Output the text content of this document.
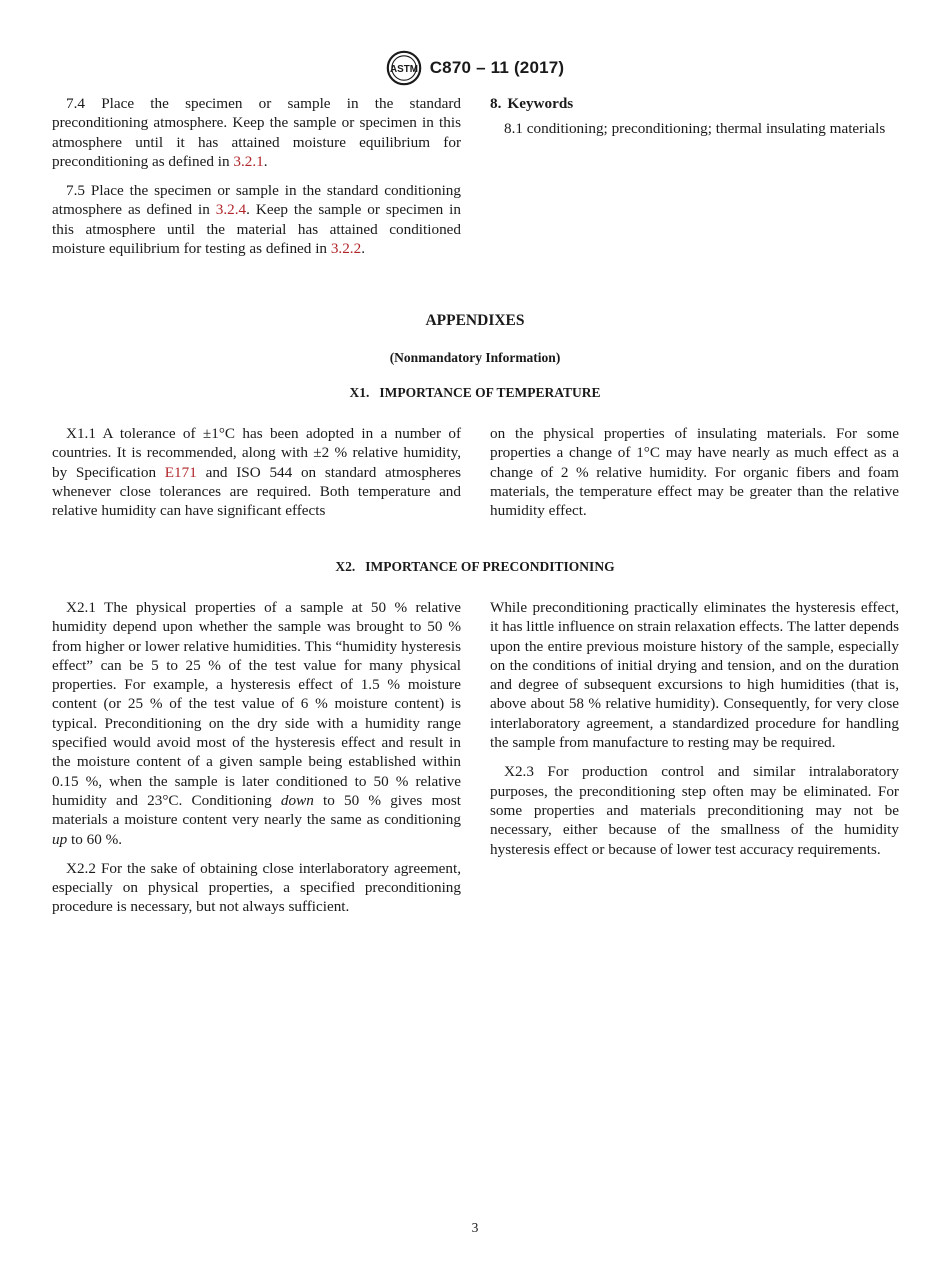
ASTM C870 – 11 (2017)

7.4 Place the specimen or sample in the standard preconditioning atmosphere. Keep the sample or specimen in this atmosphere until it has attained moisture equilibrium for preconditioning as defined in 3.2.1.

7.5 Place the specimen or sample in the standard conditioning atmosphere as defined in 3.2.4. Keep the sample or specimen in this atmosphere until the material has attained conditioned moisture equilibrium for testing as defined in 3.2.2.

8. Keywords

8.1 conditioning; preconditioning; thermal insulating materials

APPENDIXES
(Nonmandatory Information)
X1. IMPORTANCE OF TEMPERATURE

X1.1 A tolerance of ±1°C has been adopted in a number of countries. It is recommended, along with ±2 % relative humidity, by Specification E171 and ISO 544 on standard atmospheres whenever close tolerances are required. Both temperature and relative humidity can have significant effects

on the physical properties of insulating materials. For some properties a change of 1°C may have nearly as much effect as a change of 2 % relative humidity. For organic fibers and foam materials, the temperature effect may be greater than the relative humidity effect.

X2. IMPORTANCE OF PRECONDITIONING

X2.1 The physical properties of a sample at 50 % relative humidity depend upon whether the sample was brought to 50 % from higher or lower relative humidities. This “humidity hysteresis effect” can be 5 to 25 % of the test value for many physical properties. For example, a hysteresis effect of 1.5 % moisture content (or 25 % of the test value of 6 % moisture content) is typical. Preconditioning on the dry side with a humidity range specified would avoid most of the hysteresis effect and result in the moisture content of a given sample being established within 0.15 %, when the sample is later conditioned to 50 % relative humidity and 23°C. Conditioning down to 50 % gives most materials a moisture content very nearly the same as conditioning up to 60 %.

X2.2 For the sake of obtaining close interlaboratory agreement, especially on physical properties, a specified preconditioning procedure is necessary, but not always sufficient.

While preconditioning practically eliminates the hysteresis effect, it has little influence on strain relaxation effects. The latter depends upon the entire previous moisture history of the sample, especially on the conditions of initial drying and tension, and on the duration and degree of subsequent excursions to high humidities (that is, above about 58 % relative humidity). Consequently, for very close interlaboratory agreement, a standardized procedure for handling the sample from manufacture to resting may be required.

X2.3 For production control and similar intralaboratory purposes, the preconditioning step often may be eliminated. For some properties and materials preconditioning may not be necessary, either because of the smallness of the humidity hysteresis effect or because of lower test accuracy requirements.

3
